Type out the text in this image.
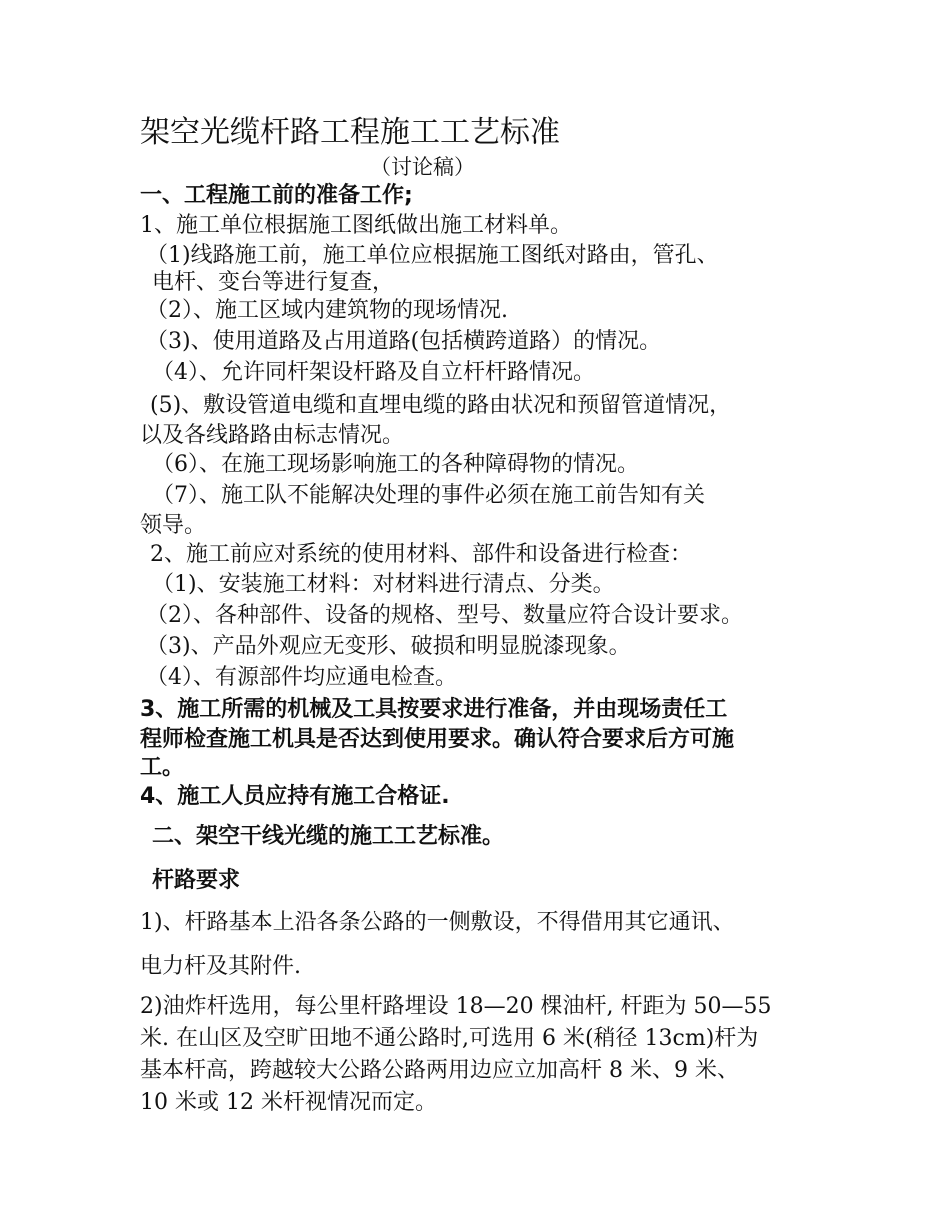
架空光缆杆路工程施工工艺标准
（讨论稿）
一、工程施工前的准备工作;
1、施工单位根据施工图纸做出施工材料单。
（1)线路施工前，施工单位应根据施工图纸对路由，管孔、
电杆、变台等进行复查，
（2）、施工区域内建筑物的现场情况.
（3)、使用道路及占用道路(包括横跨道路）的情况。
（4）、允许同杆架设杆路及自立杆杆路情况。
(5)、敷设管道电缆和直埋电缆的路由状况和预留管道情况，
以及各线路路由标志情况。
（6）、在施工现场影响施工的各种障碍物的情况。
（7）、施工队不能解决处理的事件必须在施工前告知有关
领导。
2、施工前应对系统的使用材料、部件和设备进行检查：
（1)、安装施工材料：对材料进行清点、分类。
（2）、各种部件、设备的规格、型号、数量应符合设计要求。
（3)、产品外观应无变形、破损和明显脱漆现象。
（4）、有源部件均应通电检查。
3、施工所需的机械及工具按要求进行准备，并由现场责任工
程师检查施工机具是否达到使用要求。确认符合要求后方可施
工。
4、施工人员应持有施工合格证.
二、架空干线光缆的施工工艺标准。
杆路要求
1)、杆路基本上沿各条公路的一侧敷设，不得借用其它通讯、
电力杆及其附件.
2)油炸杆选用，每公里杆路埋设 18—20 棵油杆, 杆距为 50—55
米. 在山区及空旷田地不通公路时,可选用 6 米(稍径 13cm)杆为
基本杆高，跨越较大公路公路两用边应立加高杆 8 米、9 米、
10 米或 12 米杆视情况而定。
